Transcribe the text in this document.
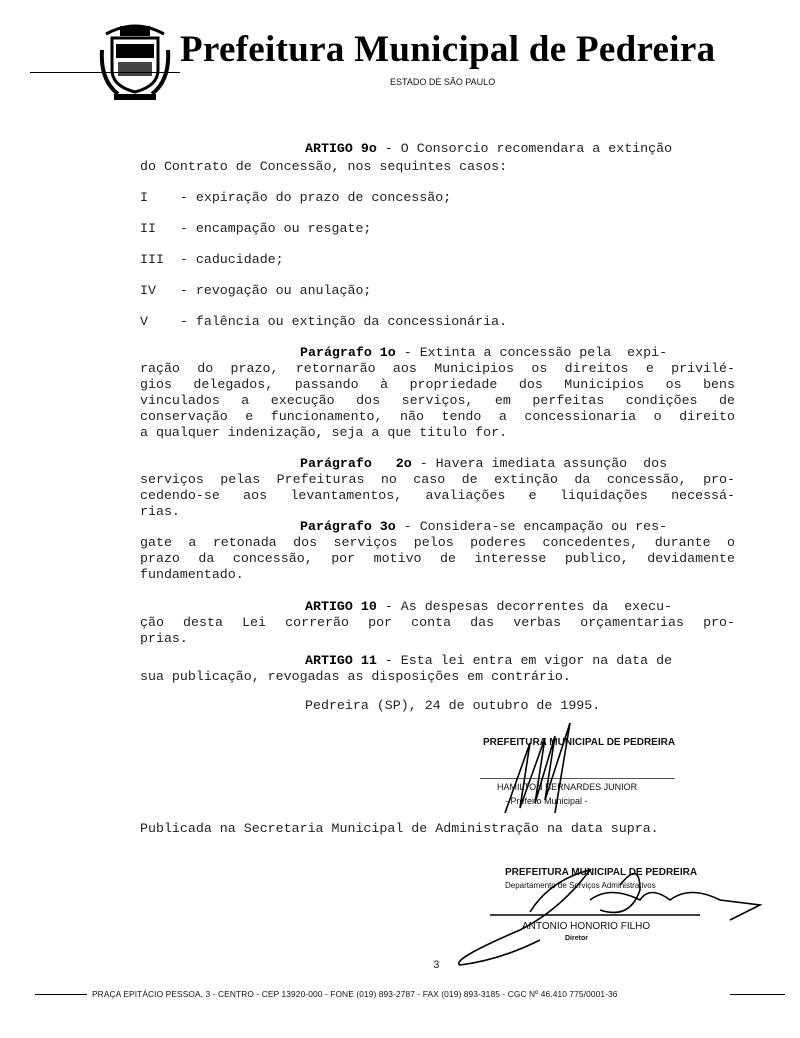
Prefeitura Municipal de Pedreira
ESTADO DE SÃO PAULO
ARTIGO 9o - O Consorcio recomendara a extinção
do Contrato de Concessão, nos sequintes casos:
I    - expiração do prazo de concessão;
II   - encampação ou resgate;
III  - caducidade;
IV   - revogação ou anulação;
V    - falência ou extinção da concessionária.
Parágrafo 1o - Extinta a concessão pela  expi-
ração do prazo, retornarão aos Municipios os direitos e privilé-
gios delegados, passando à propriedade dos Municipios os bens
vinculados a execução dos serviços, em perfeitas condições de
conservação e funcionamento, não tendo a concessionaria o direito
a qualquer indenização, seja a que titulo for.
Parágrafo   2o - Havera imediata assunção  dos
serviços pelas Prefeituras no caso de extinção da concessão, pro-
cedendo-se aos levantamentos, avaliações e liquidações necessá-
rias.
Parágrafo 3o - Considera-se encampação ou res-
gate a retonada dos serviços pelos poderes concedentes, durante o
prazo da concessão, por motivo de interesse publico, devidamente
fundamentado.
ARTIGO 10 - As despesas decorrentes da  execu-
ção desta Lei correrão por conta das verbas orçamentarias pro-
prias.
ARTIGO 11 - Esta lei entra em vigor na data de
sua publicação, revogadas as disposições em contrário.
Pedreira (SP), 24 de outubro de 1995.
PREFEITURA MUNICIPAL DE PEDREIRA
HAMILTON BERNARDES JUNIOR
- Prefeito Municipal -
Publicada na Secretaria Municipal de Administração na data supra.
PREFEITURA MUNICIPAL DE PEDREIRA
Departamento de Serviços Administrativos
ANTONIO HONORIO FILHO
Diretor
3
PRAÇA EPITÁCIO PESSOA, 3 - CENTRO - CEP 13920-000 - FONE (019) 893-2787 - FAX (019) 893-3185 - CGC Nº 46.410 775/0001-36
